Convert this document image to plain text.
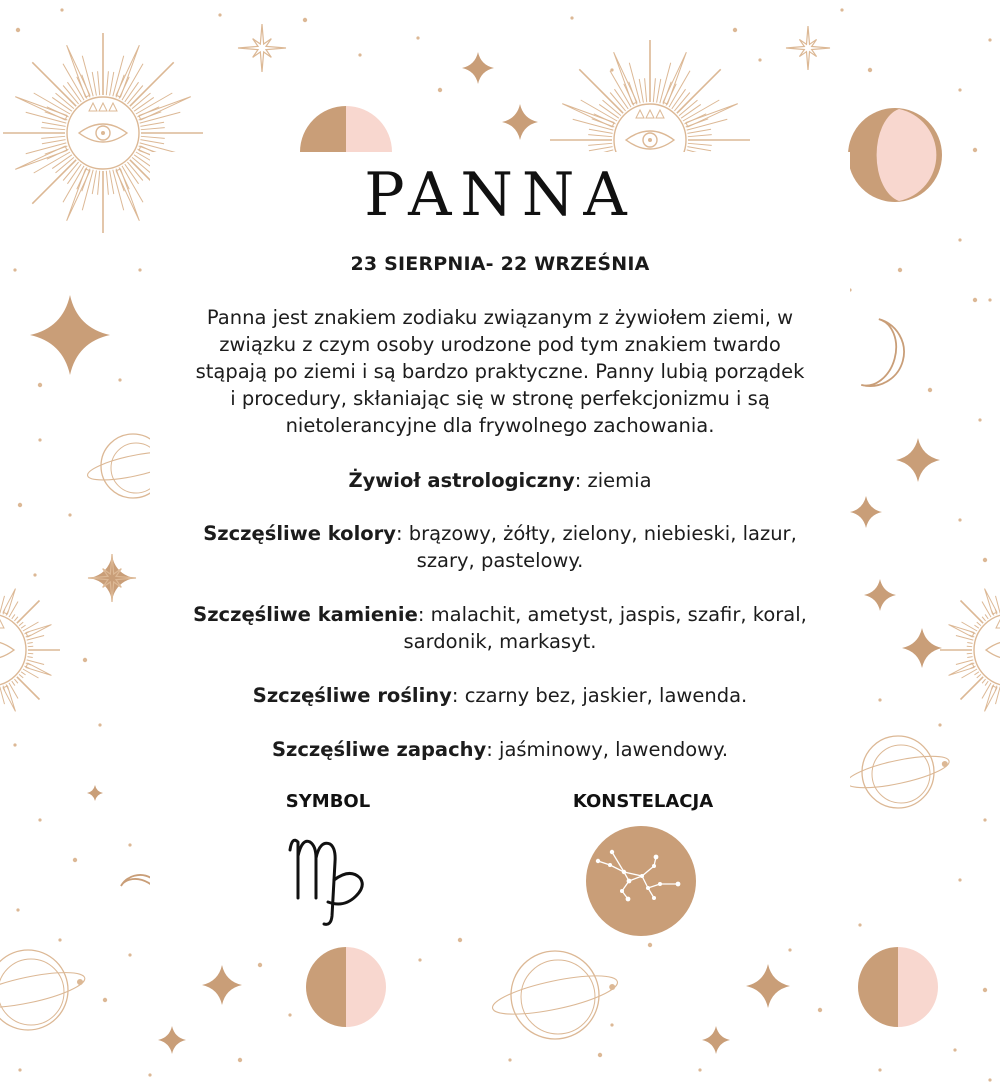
PANNA
23 SIERPNIA- 22 WRZEŚNIA
Panna jest znakiem zodiaku związanym z żywiołem ziemi, w związku z czym osoby urodzone pod tym znakiem twardo stąpają po ziemi i są bardzo praktyczne. Panny lubią porządek i procedury, skłaniając się w stronę perfekcjonizmu i są nietolerancyjne dla frywolnego zachowania.
Żywioł astrologiczny: ziemia
Szczęśliwe kolory: brązowy, żółty, zielony, niebieski, lazur, szary, pastelowy.
Szczęśliwe kamienie: malachit, ametyst, jaspis, szafir, koral, sardonik, markasyt.
Szczęśliwe rośliny: czarny bez, jaskier, lawenda.
Szczęśliwe zapachy: jaśminowy, lawendowy.
SYMBOL	KONSTELACJA
